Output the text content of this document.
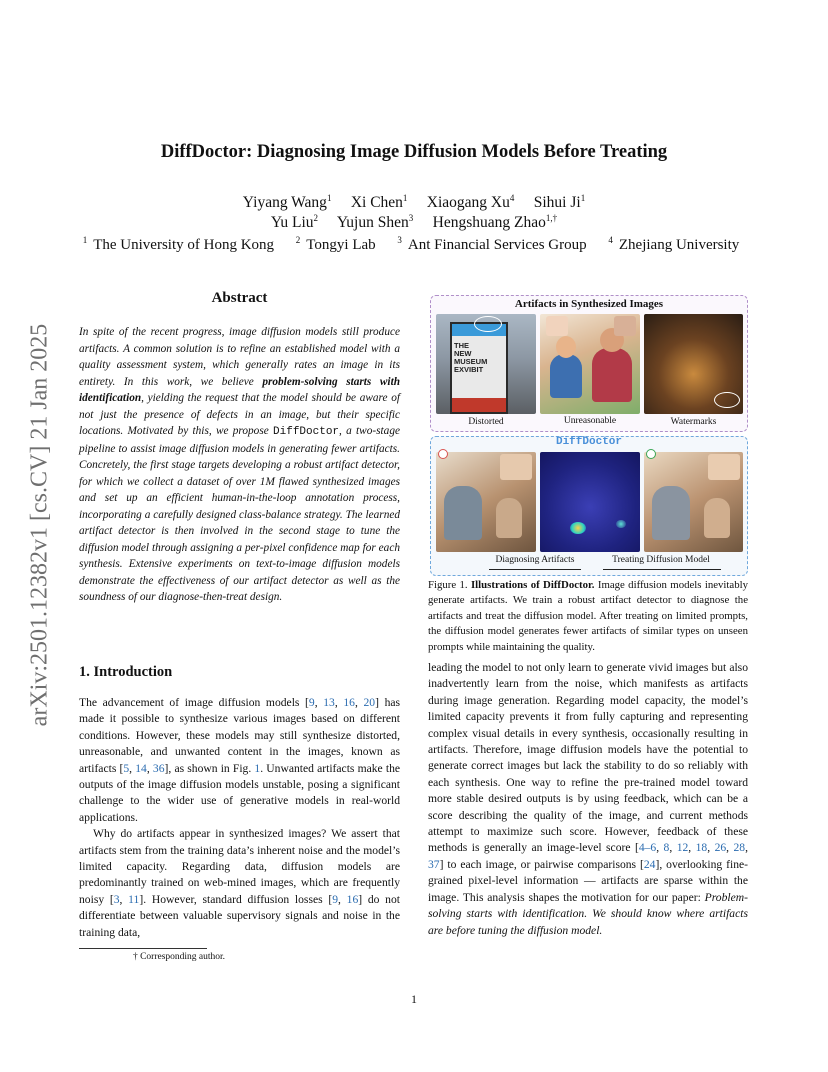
DiffDoctor: Diagnosing Image Diffusion Models Before Treating
Yiyang Wang$^1$ Xi Chen$^1$ Xiaogang Xu$^4$ Sihui Ji$^1$
Yu Liu$^2$ Yujun Shen$^3$ Hengshuang Zhao$^{1,\dagger}$
$^1$ The University of Hong Kong $^2$ Tongyi Lab $^3$ Ant Financial Services Group $^4$ Zhejiang University
arXiv:2501.12382v1 [cs.CV] 21 Jan 2025
Abstract

In spite of the recent progress, image diffusion models still produce artifacts. A common solution is to refine an established model with a quality assessment system, which generally rates an image in its entirety. In this work, we believe problem-solving starts with identification, yielding the request that the model should be aware of not just the presence of defects in an image, but their specific locations. Motivated by this, we propose DiffDoctor, a two-stage pipeline to assist image diffusion models in generating fewer artifacts. Concretely, the first stage targets developing a robust artifact detector, for which we collect a dataset of over 1M flawed synthesized images and set up an efficient human-in-the-loop annotation process, incorporating a carefully designed class-balance strategy. The learned artifact detector is then involved in the second stage to tune the diffusion model through assigning a per-pixel confidence map for each synthesis. Extensive experiments on text-to-image diffusion models demonstrate the effectiveness of our artifact detector as well as the soundness of our diagnose-then-treat design.

1. Introduction

The advancement of image diffusion models [9, 13, 16, 20] has made it possible to synthesize various images based on different conditions. However, these models may still synthesize distorted, unreasonable, and unwanted content in the images, known as artifacts [5, 14, 36], as shown in Fig. 1. Unwanted artifacts make the outputs of the image diffusion models unstable, posing a significant challenge to the wider use of generative models in real-world applications.

Why do artifacts appear in synthesized images? We assert that artifacts stem from the training data’s inherent noise and the model’s limited capacity. Regarding data, diffusion models are predominantly trained on web-mined images, which are frequently noisy [3, 11]. However, standard diffusion losses [9, 16] do not differentiate between valuable supervisory signals and noise in the training data,

† Corresponding author.
Artifacts in Synthesized Images
THE
NEW
MUSEUM
EXVIBIT
Distorted	Unreasonable	Watermarks
DiffDoctor
Diagnosing Artifacts	Treating Diffusion Model

Figure 1. Illustrations of DiffDoctor. Image diffusion models inevitably generate artifacts. We train a robust artifact detector to diagnose the artifacts and treat the diffusion model. After treating on limited prompts, the diffusion model generates fewer artifacts of similar types on unseen prompts while maintaining the quality.

leading the model to not only learn to generate vivid images but also inadvertently learn from the noise, which manifests as artifacts during image generation. Regarding model capacity, the model’s limited capacity prevents it from fully capturing and representing complex visual details in every synthesis, occasionally resulting in artifacts. Therefore, image diffusion models have the potential to generate correct images but lack the stability to do so reliably with each synthesis. One way to refine the pre-trained model toward more stable desired outputs is by using feedback, which can be a score describing the quality of the image, and current methods attempt to maximize such score. However, feedback of these methods is generally an image-level score [4–6, 8, 12, 18, 26, 28, 37] to each image, or pairwise comparisons [24], overlooking fine-grained pixel-level information — artifacts are sparse within the image. This analysis shapes the motivation for our paper: Problem-solving starts with identification. We should know where artifacts are before tuning the diffusion model.

1
